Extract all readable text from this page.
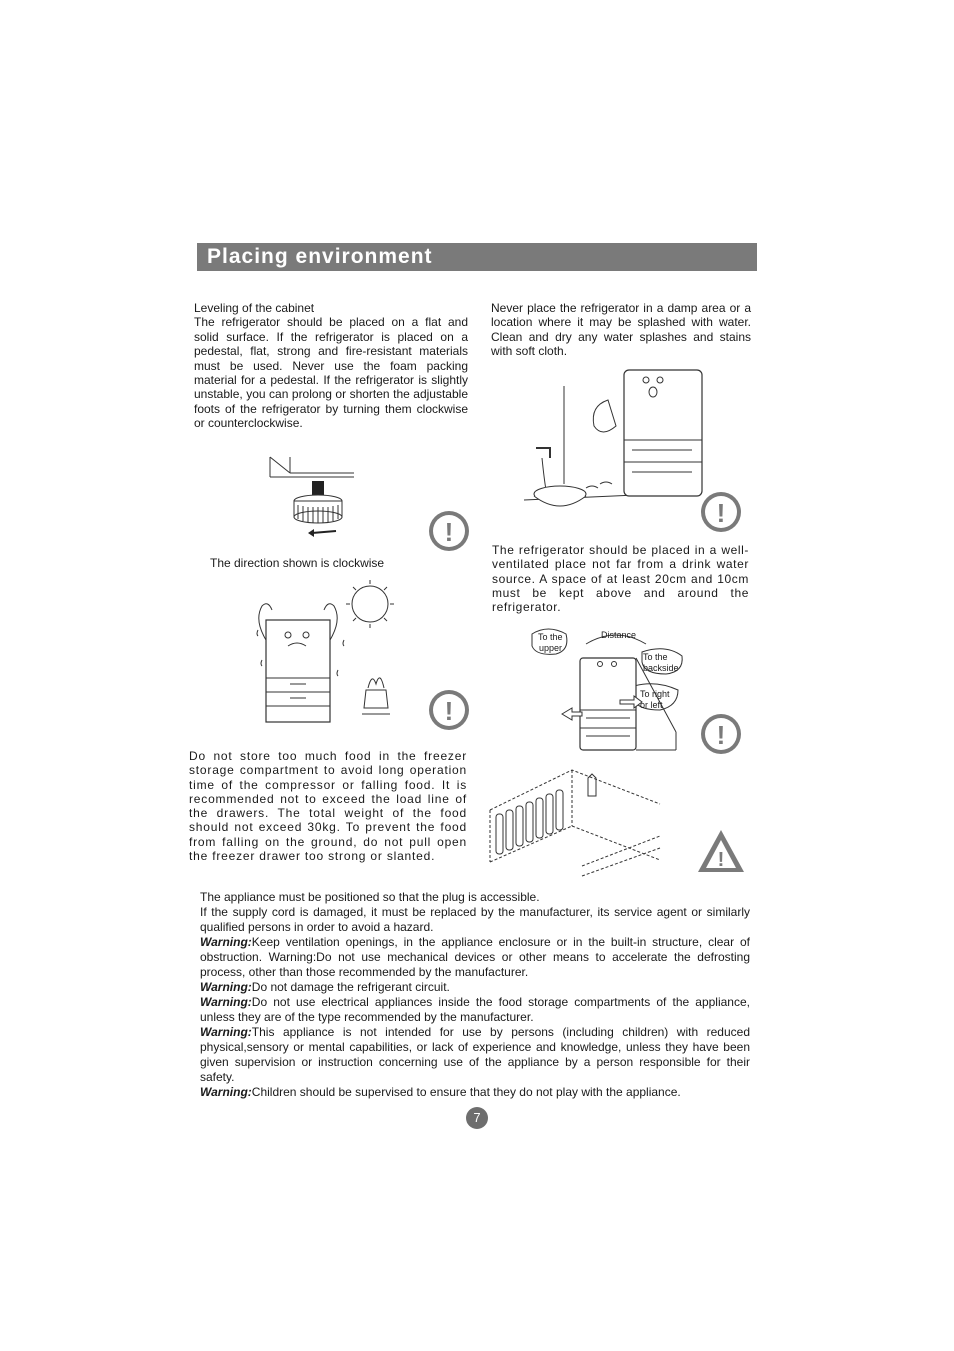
Placing environment

Leveling of the cabinet

The refrigerator should be placed on a flat and solid surface. If the refrigerator is placed on a pedestal, flat, strong and fire-resistant materials must be used. Never use the foam packing material for a pedestal. If the refrigerator is slightly unstable, you can prolong or shorten the adjustable foots of the refrigerator by turning them clockwise or counterclockwise.

!
The direction shown is clockwise
!

Do not store too much food in the freezer storage compartment to avoid long operation time of the compressor or falling food. It is recommended not to exceed the load line of the drawers. The total weight of the food should not exceed 30kg. To prevent the food from falling on the ground, do not pull open the freezer drawer too strong or slanted.

Never place the refrigerator in a damp area or a location where it may be splashed with water. Clean and dry any water splashes and stains with soft cloth.

!

The refrigerator should be placed in a well-ventilated place not far from a drink water source. A space of at least 20cm and 10cm must be kept above and around the refrigerator.

Distance
To the
upper
To the
backside
To right
or left
!
!

The appliance must be positioned so that the plug is accessible.

If the supply cord is damaged, it must be replaced by the manufacturer, its service agent or similarly qualified persons in order to avoid a hazard.

Warning:Keep ventilation openings, in the appliance enclosure or in the built-in structure, clear of obstruction. Warning:Do not use mechanical devices or other means to accelerate the defrosting process, other than those recommended by the manufacturer.

Warning:Do not damage the refrigerant circuit.

Warning:Do not use electrical appliances inside the food storage compartments of the appliance, unless they are of the type recommended by the manufacturer.

Warning:This appliance is not intended for use by persons (including children) with reduced physical,sensory or mental capabilities, or lack of experience and knowledge, unless they have been given supervision or instruction concerning use of the appliance by a person responsible for their safety.

Warning:Children should be supervised to ensure that they do not play with the appliance.

7
